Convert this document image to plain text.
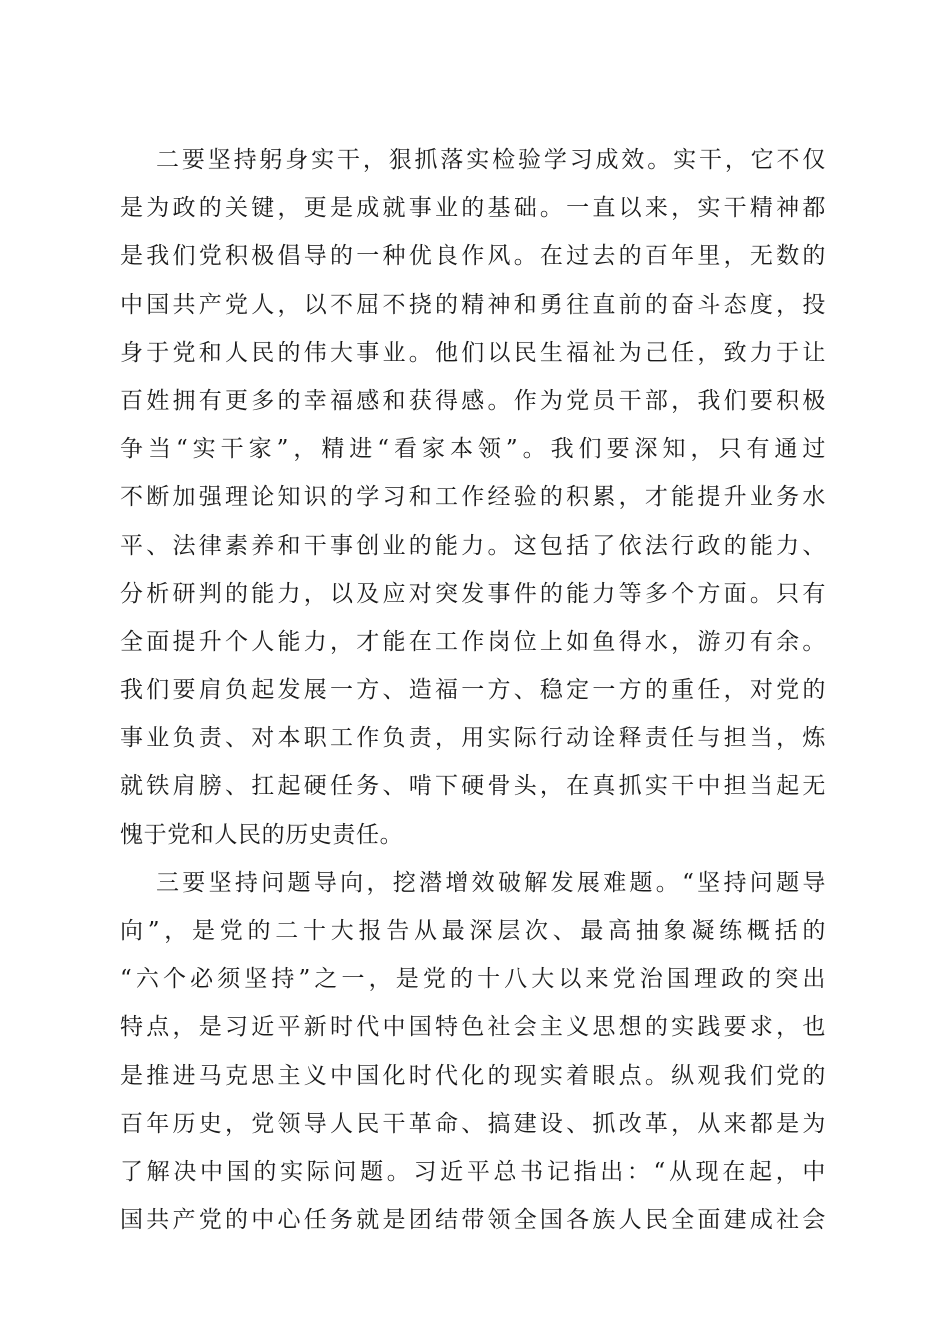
二要坚持躬身实干，狠抓落实检验学习成效。实干，它不仅
是为政的关键，更是成就事业的基础。一直以来，实干精神都
是我们党积极倡导的一种优良作风。在过去的百年里，无数的
中国共产党人，以不屈不挠的精神和勇往直前的奋斗态度，投
身于党和人民的伟大事业。他们以民生福祉为己任，致力于让
百姓拥有更多的幸福感和获得感。作为党员干部，我们要积极
争当“实干家”，精进“看家本领”。我们要深知，只有通过
不断加强理论知识的学习和工作经验的积累，才能提升业务水
平、法律素养和干事创业的能力。这包括了依法行政的能力、
分析研判的能力，以及应对突发事件的能力等多个方面。只有
全面提升个人能力，才能在工作岗位上如鱼得水，游刃有余。
我们要肩负起发展一方、造福一方、稳定一方的重任，对党的
事业负责、对本职工作负责，用实际行动诠释责任与担当，炼
就铁肩膀、扛起硬任务、啃下硬骨头，在真抓实干中担当起无
愧于党和人民的历史责任。
三要坚持问题导向，挖潜增效破解发展难题。“坚持问题导
向”，是党的二十大报告从最深层次、最高抽象凝练概括的
“六个必须坚持”之一，是党的十八大以来党治国理政的突出
特点，是习近平新时代中国特色社会主义思想的实践要求，也
是推进马克思主义中国化时代化的现实着眼点。纵观我们党的
百年历史，党领导人民干革命、搞建设、抓改革，从来都是为
了解决中国的实际问题。习近平总书记指出：“从现在起，中
国共产党的中心任务就是团结带领全国各族人民全面建成社会
